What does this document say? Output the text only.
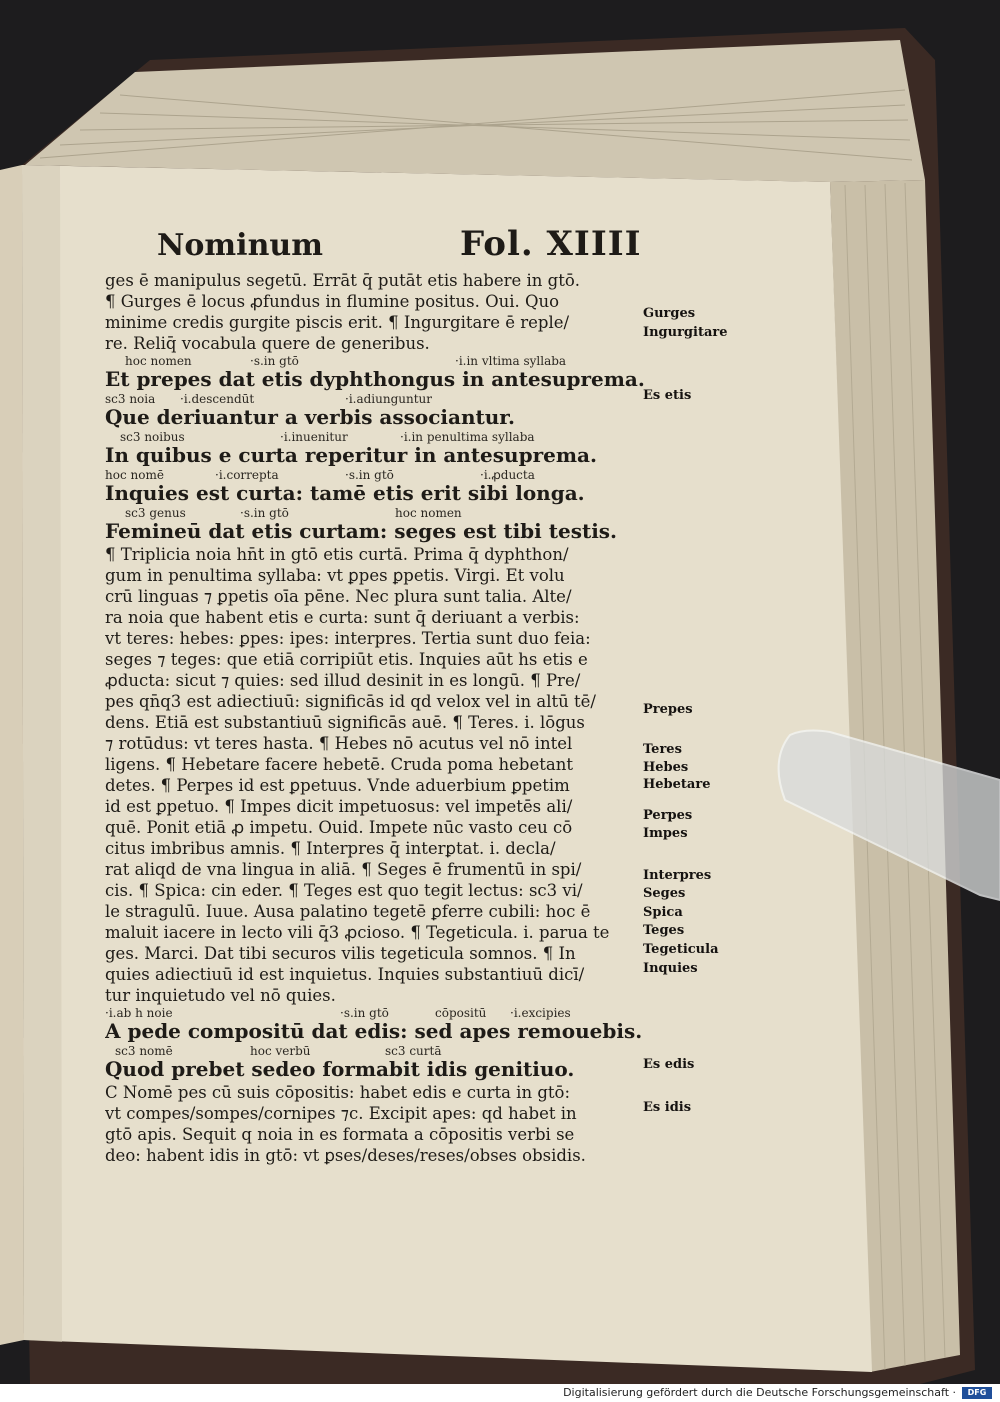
Nominum	Fol. XIIII
ges ē manipulus segetū. Errāt q̄ putāt etis habere in gtō.
¶ Gurges ē locus ꝓfundus in flumine positus. Oui. Quo
minime credis gurgite piscis erit. ¶ Ingurgitare ē reple/
re. Reliq̄ vocabula quere de generibus.
hoc nomen	·s.in gtō	·i.in vltima syllaba
Et prepes dat etis dyphthongus in antesuprema.
sc3 noia ·i.descendūt	·i.adiunguntur
Que deriuantur a verbis associantur.
sc3 noibus	·i.inuenitur	·i.in penultima syllaba
In quibus e curta reperitur in antesuprema.
hoc nomē	·i.correpta	·s.in gtō	·i.ꝓducta
Inquies est curta: tamē etis erit sibi longa.
sc3 genus	·s.in gtō	hoc nomen
Femineū dat etis curtam: seges est tibi testis.
¶ Triplicia noia hn̄t in gtō etis curtā. Prima q̄ dyphthon/
gum in penultima syllaba: vt ꝑpes ꝑpetis. Virgi. Et volu
crū linguas ⁊ ꝑpetis oīa pēne. Nec plura sunt talia. Alte/
ra noia que habent etis e curta: sunt q̄ deriuant a verbis:
vt teres: hebes: ꝑpes: ipes: interpres. Tertia sunt duo feia:
seges ⁊ teges: que etiā corripiūt etis. Inquies aūt hs etis e
ꝓducta: sicut ⁊ quies: sed illud desinit in es longū. ¶ Pre/
pes qn̄q3 est adiectiuū: significās id qd velox vel in altū tē/
dens. Etiā est substantiuū significās auē. ¶ Teres. i. lōgus
⁊ rotūdus: vt teres hasta. ¶ Hebes nō acutus vel nō intel
ligens. ¶ Hebetare facere hebetē. Cruda poma hebetant
detes. ¶ Perpes id est ꝑpetuus. Vnde aduerbium ꝑpetim
id est ꝑpetuo. ¶ Impes dicit impetuosus: vel impetēs ali/
quē. Ponit etiā ꝓ impetu. Ouid. Impete nūc vasto ceu cō
citus imbribus amnis. ¶ Interpres q̄ interꝑtat. i. decla/
rat aliqd de vna lingua in aliā. ¶ Seges ē frumentū in spi/
cis. ¶ Spica: cin eder. ¶ Teges est quo tegit lectus: sc3 vi/
le stragulū. Iuue. Ausa palatino tegetē ꝑferre cubili: hoc ē
maluit iacere in lecto vili q̄3 ꝓcioso. ¶ Tegeticula. i. parua te
ges. Marci. Dat tibi securos vilis tegeticula somnos. ¶ In
quies adiectiuū id est inquietus. Inquies substantiuū dicī/
tur inquietudo vel nō quies.
·i.ab h noie	·s.in gtō	cōpositū ·i.excipies
A pede compositū dat edis: sed apes remouebis.
sc3 nomē	hoc verbū	sc3 curtā
Quod prebet sedeo formabit idis genitiuo.
C Nomē pes cū suis cōpositis: habet edis e curta in gtō:
vt compes/sompes/cornipes ⁊c. Excipit apes: qd habet in
gtō apis. Sequit q noia in es formata a cōpositis verbi se
deo: habent idis in gtō: vt ꝑses/deses/reses/obses obsidis.
Gurges
Ingurgitare
Es etis
Prepes
Teres
Hebes
Hebetare
Perpes
Impes
Interpres
Seges
Spica
Teges
Tegeticula
Inquies
Es edis
Es idis
Digitalisierung gefördert durch die Deutsche Forschungsgemeinschaft ·	DFG
